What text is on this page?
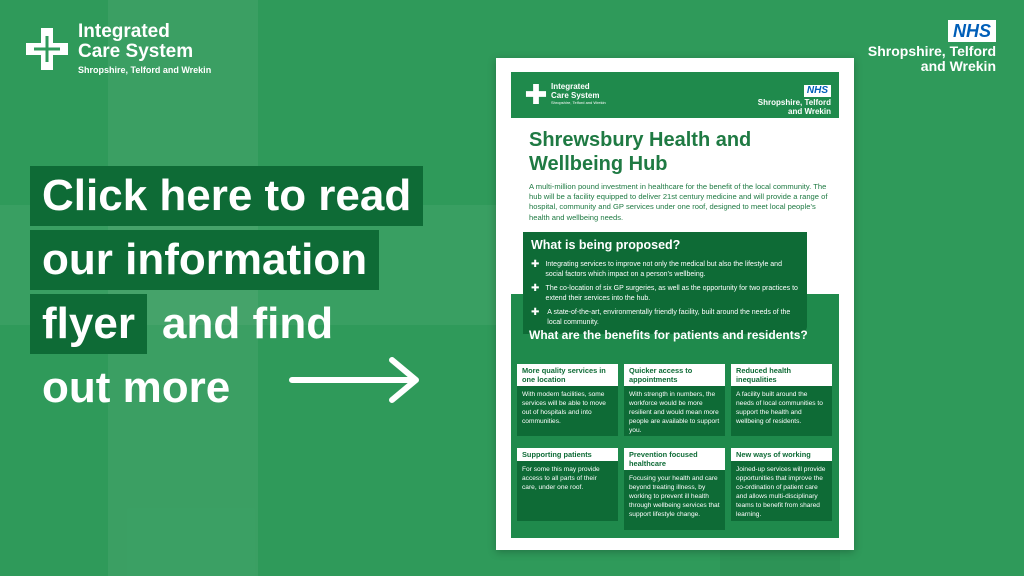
Integrated
Care System
Shropshire, Telford and Wrekin
NHS
Shropshire, Telford
and Wrekin
Click here to read
our information
flyer and find
out more
Integrated
Care System
Shropshire, Telford and Wrekin
NHS
Shropshire, Telford
and Wrekin
Shrewsbury Health and
Wellbeing Hub
A multi-million pound investment in healthcare for the benefit of the local community. The hub will be a facility equipped to deliver 21st century medicine and will provide a range of hospital, community and GP services under one roof, designed to meet local people’s health and wellbeing needs.
What is being proposed?
✚ Integrating services to improve not only the medical but also the lifestyle and social factors which impact on a person’s wellbeing.
✚ The co-location of six GP surgeries, as well as the opportunity for two practices to extend their services into the hub.
✚ A state-of-the-art, environmentally friendly facility, built around the needs of the local community.
What are the benefits for patients and residents?
More quality services in one location
With modern facilities, some services will be able to move out of hospitals and into communities.
Quicker access to appointments
With strength in numbers, the workforce would be more resilient and would mean more people are available to support you.
Reduced health inequalities
A facility built around the needs of local communities to support the health and wellbeing of residents.
Supporting patients
For some this may provide access to all parts of their care, under one roof.
Prevention focused healthcare
Focusing your health and care beyond treating illness, by working to prevent ill health through wellbeing services that support lifestyle change.
New ways of working
Joined-up services will provide opportunities that improve the co-ordination of patient care and allows multi-disciplinary teams to benefit from shared learning.
